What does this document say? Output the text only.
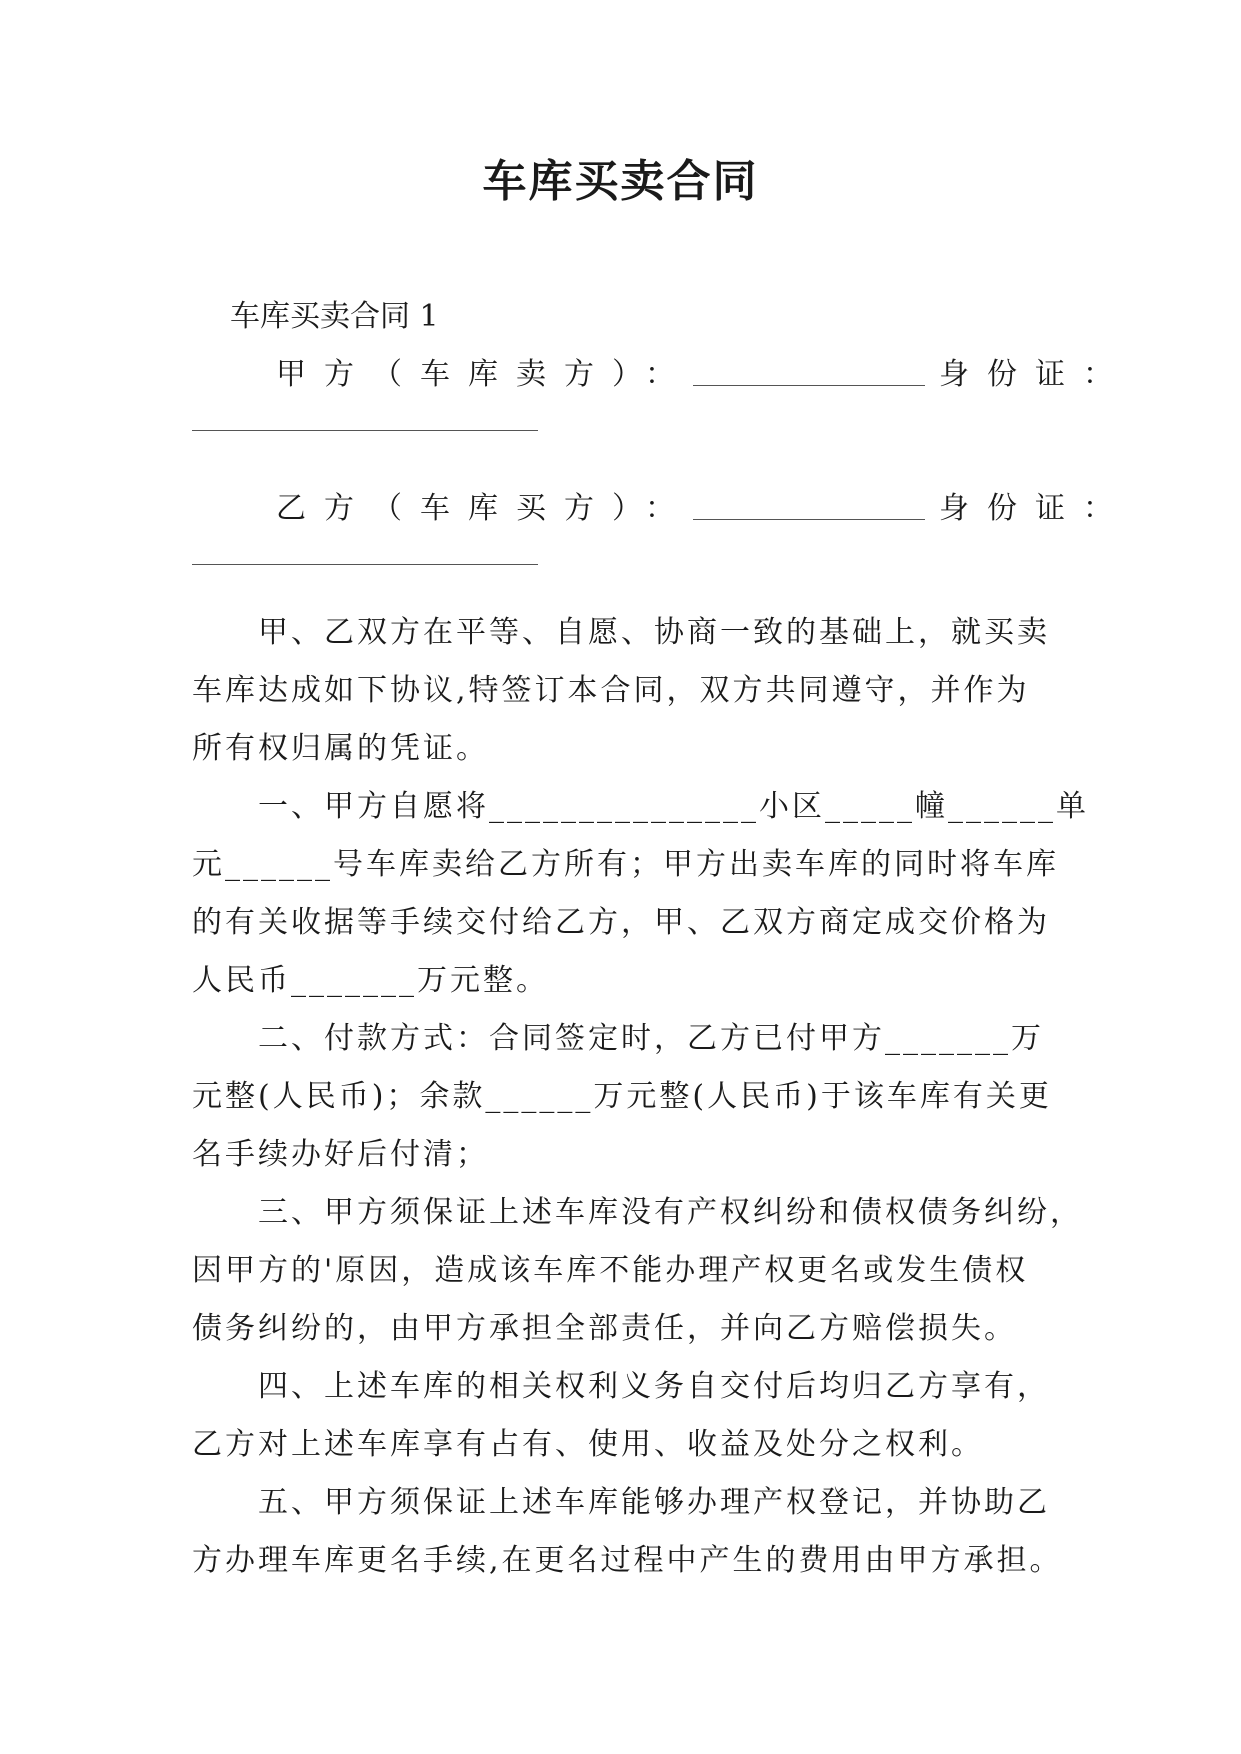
车库买卖合同
车库买卖合同 1
甲方（车库卖方）：	身份证：
乙方（车库买方）：	身份证：
甲、乙双方在平等、自愿、协商一致的基础上，就买卖
车库达成如下协议,特签订本合同，双方共同遵守，并作为
所有权归属的凭证。
一、甲方自愿将_______________小区_____幢______单
元______号车库卖给乙方所有；甲方出卖车库的同时将车库
的有关收据等手续交付给乙方，甲、乙双方商定成交价格为
人民币_______万元整。
二、付款方式：合同签定时，乙方已付甲方_______万
元整(人民币)；余款______万元整(人民币)于该车库有关更
名手续办好后付清；
三、甲方须保证上述车库没有产权纠纷和债权债务纠纷，
因甲方的'原因，造成该车库不能办理产权更名或发生债权
债务纠纷的，由甲方承担全部责任，并向乙方赔偿损失。
四、上述车库的相关权利义务自交付后均归乙方享有，
乙方对上述车库享有占有、使用、收益及处分之权利。
五、甲方须保证上述车库能够办理产权登记，并协助乙
方办理车库更名手续,在更名过程中产生的费用由甲方承担。
